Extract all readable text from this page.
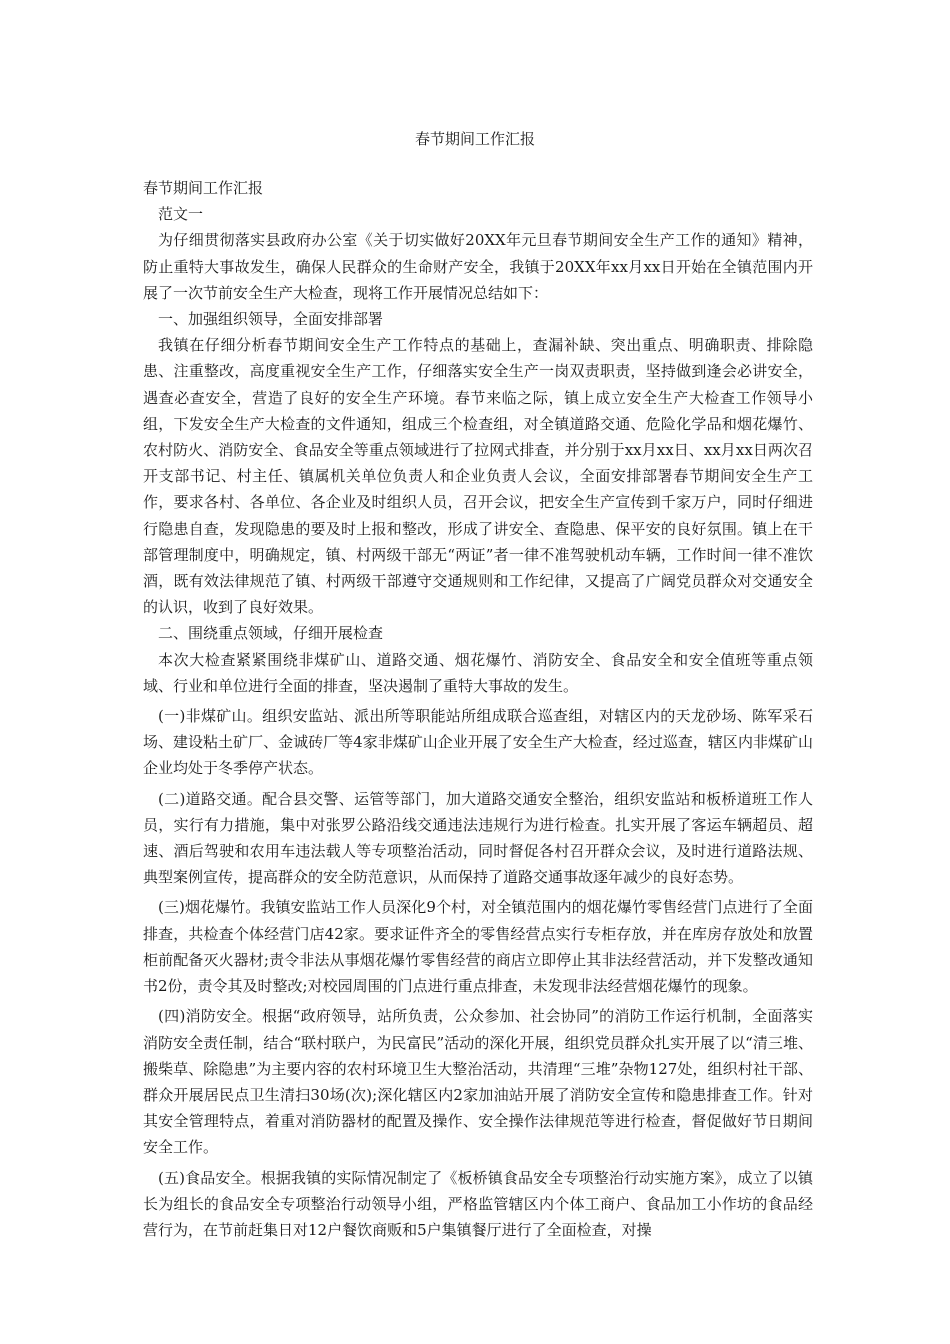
春节期间工作汇报

春节期间工作汇报

范文一

为仔细贯彻落实县政府办公室《关于切实做好20XX年元旦春节期间安全生产工作的通知》精神，防止重特大事故发生，确保人民群众的生命财产安全，我镇于20XX年xx月xx日开始在全镇范围内开展了一次节前安全生产大检查，现将工作开展情况总结如下：

一、加强组织领导，全面安排部署

我镇在仔细分析春节期间安全生产工作特点的基础上，查漏补缺、突出重点、明确职责、排除隐患、注重整改，高度重视安全生产工作，仔细落实安全生产一岗双责职责，坚持做到逢会必讲安全，遇查必查安全，营造了良好的安全生产环境。春节来临之际，镇上成立安全生产大检查工作领导小组，下发安全生产大检查的文件通知，组成三个检查组，对全镇道路交通、危险化学品和烟花爆竹、农村防火、消防安全、食品安全等重点领域进行了拉网式排查，并分别于xx月xx日、xx月xx日两次召开支部书记、村主任、镇属机关单位负责人和企业负责人会议，全面安排部署春节期间安全生产工作，要求各村、各单位、各企业及时组织人员，召开会议，把安全生产宣传到千家万户，同时仔细进行隐患自查，发现隐患的要及时上报和整改，形成了讲安全、查隐患、保平安的良好氛围。镇上在干部管理制度中，明确规定，镇、村两级干部无“两证”者一律不准驾驶机动车辆，工作时间一律不准饮酒，既有效法律规范了镇、村两级干部遵守交通规则和工作纪律，又提高了广阔党员群众对交通安全的认识，收到了良好效果。

二、围绕重点领域，仔细开展检查

本次大检查紧紧围绕非煤矿山、道路交通、烟花爆竹、消防安全、食品安全和安全值班等重点领域、行业和单位进行全面的排查，坚决遏制了重特大事故的发生。

(一)非煤矿山。组织安监站、派出所等职能站所组成联合巡查组，对辖区内的天龙砂场、陈军采石场、建设粘土矿厂、金诚砖厂等4家非煤矿山企业开展了安全生产大检查，经过巡查，辖区内非煤矿山企业均处于冬季停产状态。

(二)道路交通。配合县交警、运管等部门，加大道路交通安全整治，组织安监站和板桥道班工作人员，实行有力措施，集中对张罗公路沿线交通违法违规行为进行检查。扎实开展了客运车辆超员、超速、酒后驾驶和农用车违法载人等专项整治活动，同时督促各村召开群众会议，及时进行道路法规、典型案例宣传，提高群众的安全防范意识，从而保持了道路交通事故逐年减少的良好态势。

(三)烟花爆竹。我镇安监站工作人员深化9个村，对全镇范围内的烟花爆竹零售经营门点进行了全面排查，共检查个体经营门店42家。要求证件齐全的零售经营点实行专柜存放，并在库房存放处和放置柜前配备灭火器材;责令非法从事烟花爆竹零售经营的商店立即停止其非法经营活动，并下发整改通知书2份，责令其及时整改;对校园周围的门点进行重点排查，未发现非法经营烟花爆竹的现象。

(四)消防安全。根据“政府领导，站所负责，公众参加、社会协同”的消防工作运行机制，全面落实消防安全责任制，结合“联村联户，为民富民”活动的深化开展，组织党员群众扎实开展了以“清三堆、搬柴草、除隐患”为主要内容的农村环境卫生大整治活动，共清理“三堆”杂物127处，组织村社干部、群众开展居民点卫生清扫30场(次);深化辖区内2家加油站开展了消防安全宣传和隐患排查工作。针对其安全管理特点，着重对消防器材的配置及操作、安全操作法律规范等进行检查，督促做好节日期间安全工作。

(五)食品安全。根据我镇的实际情况制定了《板桥镇食品安全专项整治行动实施方案》，成立了以镇长为组长的食品安全专项整治行动领导小组，严格监管辖区内个体工商户、食品加工小作坊的食品经营行为，在节前赶集日对12户餐饮商贩和5户集镇餐厅进行了全面检查，对操
